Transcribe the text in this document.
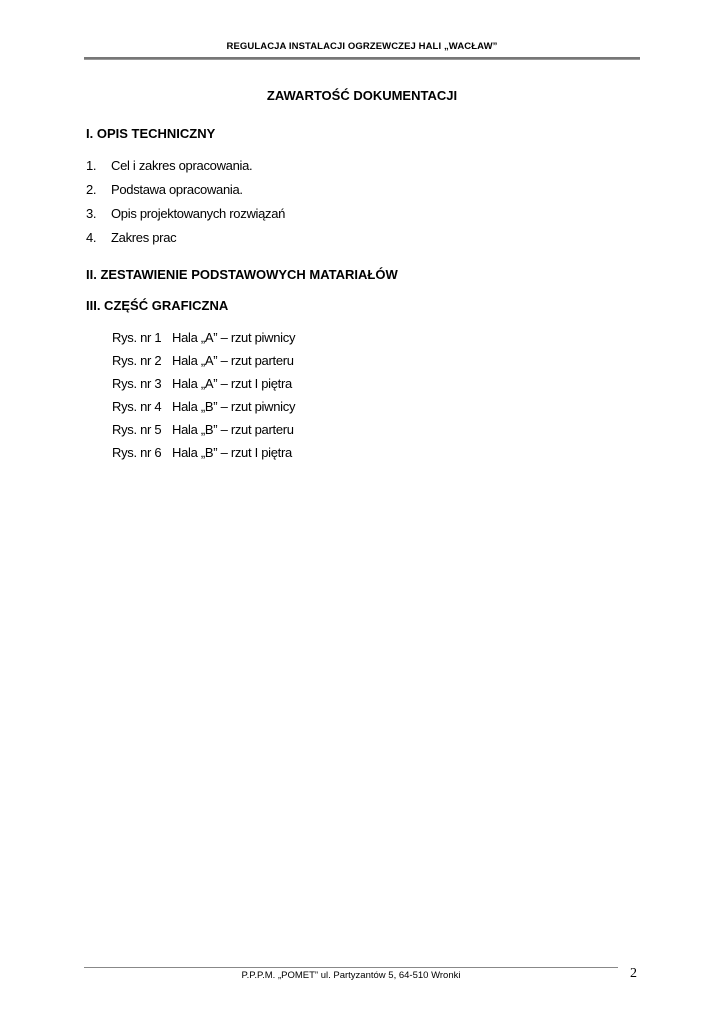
REGULACJA INSTALACJI OGRZEWCZEJ HALI „WACŁAW”
ZAWARTOŚĆ DOKUMENTACJI
I. OPIS TECHNICZNY
1. Cel i zakres opracowania.
2. Podstawa opracowania.
3. Opis projektowanych rozwiązań
4. Zakres prac
II. ZESTAWIENIE PODSTAWOWYCH MATARIAŁÓW
III. CZĘŚĆ GRAFICZNA
Rys. nr 1 Hala „A” – rzut piwnicy
Rys. nr 2 Hala „A” – rzut parteru
Rys. nr 3 Hala „A” – rzut I piętra
Rys. nr 4 Hala „B” – rzut piwnicy
Rys. nr 5 Hala „B” – rzut parteru
Rys. nr 6 Hala „B” – rzut I piętra
P.P.P.M. „POMET” ul. Partyzantów 5, 64-510 Wronki	2
